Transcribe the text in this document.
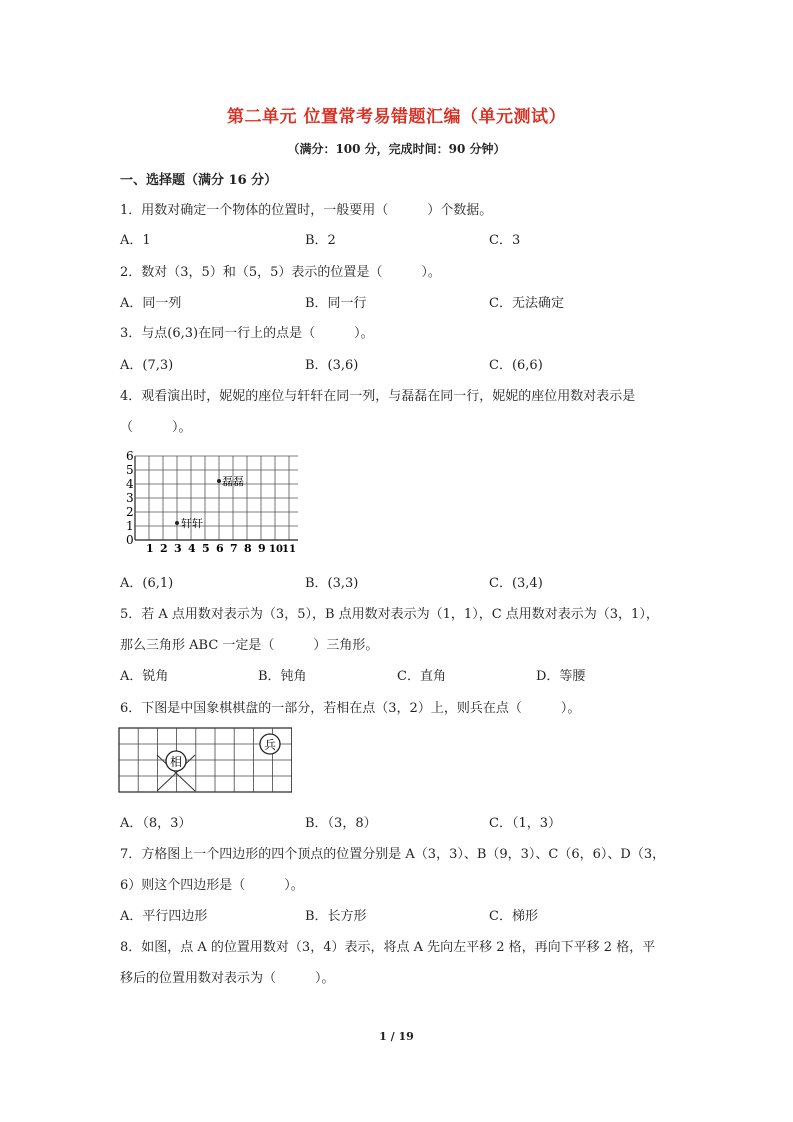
第二单元 位置常考易错题汇编（单元测试）
（满分：100 分，完成时间：90 分钟）
一、选择题（满分 16 分）
1．用数对确定一个物体的位置时，一般要用（　　　）个数据。
A．1	B．2	C．3
2．数对（3，5）和（5，5）表示的位置是（　　　）。
A．同一列	B．同一行	C．无法确定
3．与点(6,3)在同一行上的点是（　　　）。
A．(7,3)	B．(3,6)	C．(6,6)
4．观看演出时，妮妮的座位与轩轩在同一列，与磊磊在同一行，妮妮的座位用数对表示是
（　　　）。
0
1
2
3
4
5
6
1 2 3 4 5 6 7 8 9 10 11
轩轩
磊磊
A．(6,1)	B．(3,3)	C．(3,4)
5．若 A 点用数对表示为（3，5），B 点用数对表示为（1，1），C 点用数对表示为（3，1），
那么三角形 ABC 一定是（　　　）三角形。
A．锐角	B．钝角	C．直角	D．等腰
6．下图是中国象棋棋盘的一部分，若相在点（3，2）上，则兵在点（　　　）。
相
兵
A．（8，3）	B．（3，8）	C．（1，3）
7．方格图上一个四边形的四个顶点的位置分别是 A（3，3）、B（9，3）、C（6，6）、D（3，
6）则这个四边形是（　　　）。
A．平行四边形	B．长方形	C．梯形
8．如图，点 A 的位置用数对（3，4）表示，将点 A 先向左平移 2 格，再向下平移 2 格，平
移后的位置用数对表示为（　　　）。
1 / 19
